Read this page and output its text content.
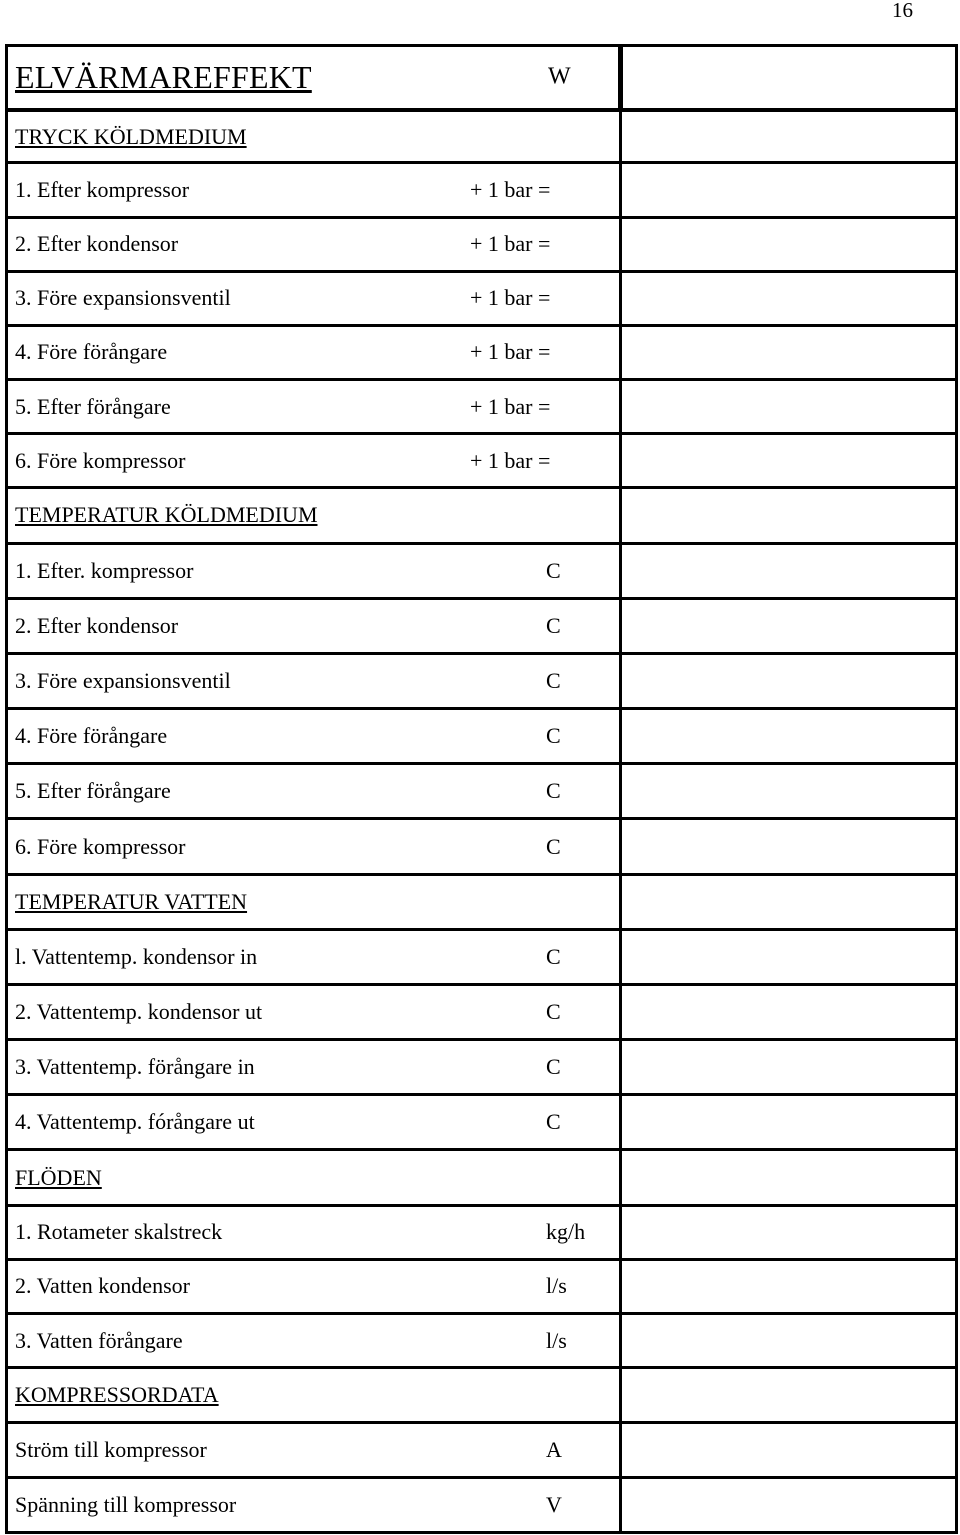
16
ELVÄRMAREFFEKT W	

TRYCK KÖLDMEDIUM	
1. Efter kompressor + 1 bar =	

2. Efter kondensor + 1 bar =	

3. Före expansionsventil + 1 bar =	

4. Före förångare + 1 bar =	

5. Efter förångare + 1 bar =	

6. Före kompressor + 1 bar =	

TEMPERATUR KÖLDMEDIUM	
1. Efter. kompressor C	

2. Efter kondensor C	

3. Före expansionsventil C	

4. Före förångare C	

5. Efter förångare C	

6. Före kompressor C	

TEMPERATUR VATTEN	
l. Vattentemp. kondensor in C	

2. Vattentemp. kondensor ut C	

3. Vattentemp. förångare in C	

4. Vattentemp. fórångare ut C	

FLÖDEN	
1. Rotameter skalstreck kg/h	

2. Vatten kondensor l/s	

3. Vatten förångare l/s	

KOMPRESSORDATA	
Ström till kompressor A	

Spänning till kompressor V	
